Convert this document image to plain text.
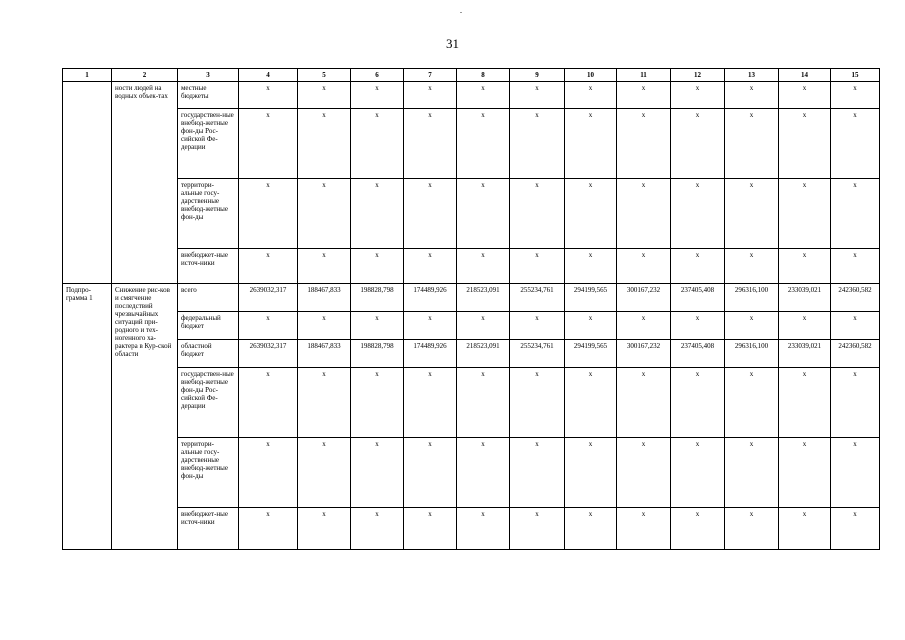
31
1	2	3	4	5	6	7	8	9	10	11	12	13	14	15
	ности людей на водных объек-тах	местные бюджеты	x	x	x	x	x	x	x	x	x	x	x	x
		государствен-ные внебюд-жетные фон-ды Рос-сийской Фе-дерации	x	x	x	x	x	x	x	x	x	x	x	x
		территори-альные госу-дарственные внебюд-жетные фон-ды	x	x	x	x	x	x	x	x	x	x	x	x
		внебюджет-ные источ-ники	x	x	x	x	x	x	x	x	x	x	x	x
Подпро-грамма 1	Снижение рис-ков и смягчение последствий чрезвычайных ситуаций при-родного и тех-ногенного ха-рактера в Кур-ской области	всего	2639032,317	188467,833	198828,798	174489,926	218523,091	255234,761	294199,565	300167,232	237405,408	296316,100	233039,021	242360,582
		федеральный бюджет	x	x	x	x	x	x	x	x	x	x	x	x
		областной бюджет	2639032,317	188467,833	198828,798	174489,926	218523,091	255234,761	294199,565	300167,232	237405,408	296316,100	233039,021	242360,582
		государствен-ные внебюд-жетные фон-ды Рос-сийской Фе-дерации	x	x	x	x	x	x	x	x	x	x	x	x
		территори-альные госу-дарственные внебюд-жетные фон-ды	x	x	x	x	x	x	x	x	x	x	x	x
		внебюджет-ные источ-ники	x	x	x	x	x	x	x	x	x	x	x	x
